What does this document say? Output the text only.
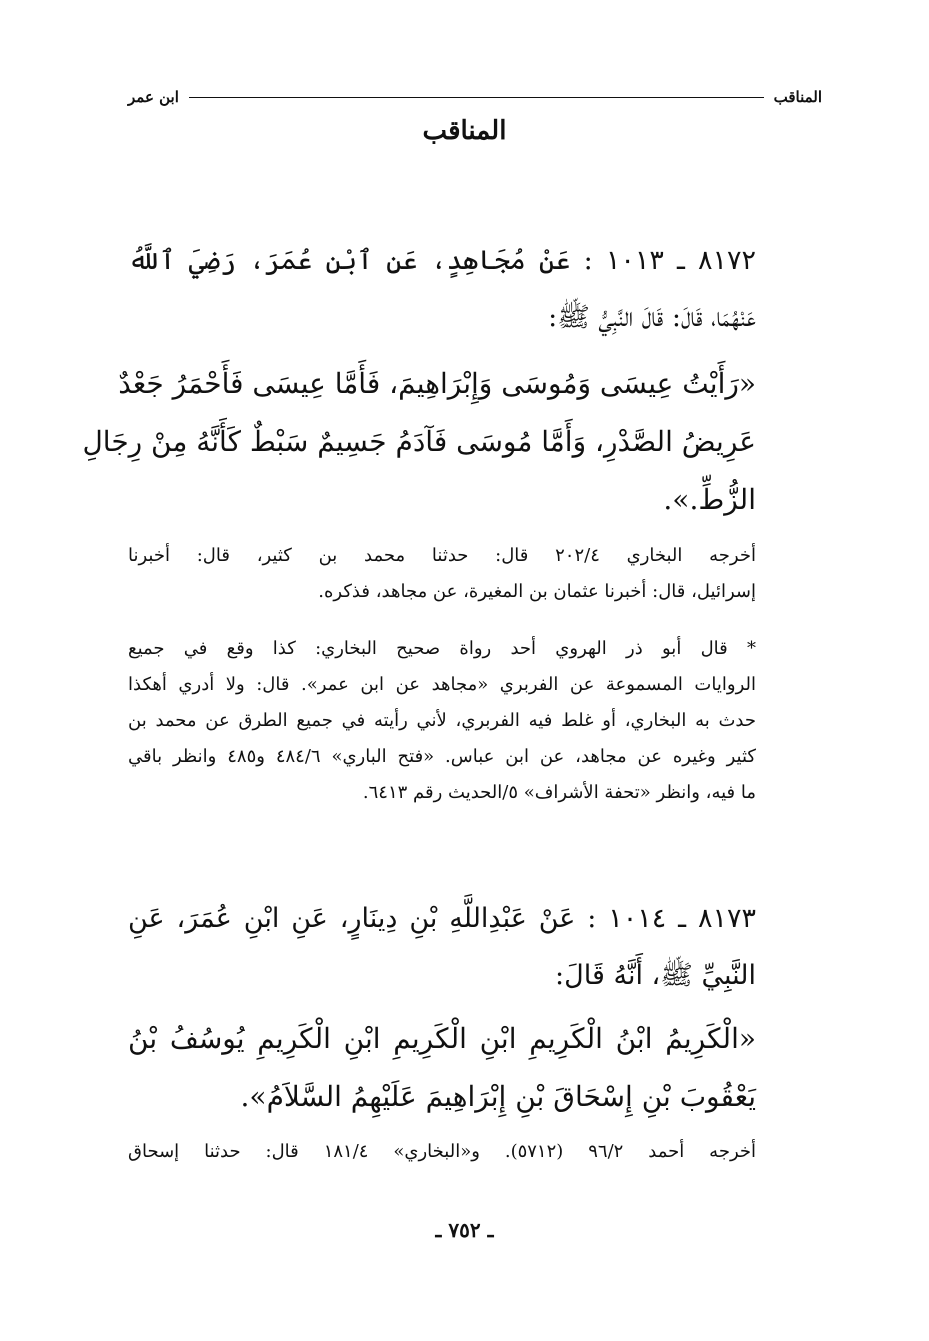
المناقب
ابن عمر
المناقب
٨١٧٢ ـ ١٠١٣ : عَنْ مُجَاهِدٍ، عَنِ ٱبْنِ عُمَرَ، رَضِيَ ٱللَّهُ
عَنْهُمَا، قَالَ: قَالَ النَّبِيُّ ﷺ:
«رَأَيْتُ عِيسَى وَمُوسَى وَإِبْرَاهِيمَ، فَأَمَّا عِيسَى فَأَحْمَرُ جَعْدٌ
عَرِيضُ الصَّدْرِ، وَأَمَّا مُوسَى فَآدَمُ جَسِيمٌ سَبْطٌ كَأَنَّهُ مِنْ رِجَالِ
الزُّطِّ.».
أخرجه البخاري ٢٠٢/٤ قال: حدثنا محمد بن كثير، قال: أخبرنا
إسرائيل، قال: أخبرنا عثمان بن المغيرة، عن مجاهد، فذكره.
* قال أبو ذر الهروي أحد رواة صحيح البخاري: كذا وقع في جميع
الروايات المسموعة عن الفربري «مجاهد عن ابن عمر». قال: ولا أدري أهكذا
حدث به البخاري، أو غلط فيه الفربري، لأني رأيته في جميع الطرق عن محمد بن
كثير وغيره عن مجاهد، عن ابن عباس. «فتح الباري» ٤٨٤/٦ و٤٨٥ وانظر باقي
ما فيه، وانظر «تحفة الأشراف» ٥/الحديث رقم ٦٤١٣.
٨١٧٣ ـ ١٠١٤ : عَنْ عَبْدِاللَّهِ بْنِ دِينَارٍ، عَنِ ابْنِ عُمَرَ، عَنِ
النَّبِيِّ ﷺ، أَنَّهُ قَالَ:
«الْكَرِيمُ ابْنُ الْكَرِيمِ ابْنِ الْكَرِيمِ ابْنِ الْكَرِيمِ يُوسُفُ بْنُ
يَعْقُوبَ بْنِ إِسْحَاقَ بْنِ إِبْرَاهِيمَ عَلَيْهِمُ السَّلاَمُ».
أخرجه أحمد ٩٦/٢ (٥٧١٢). و«البخاري» ١٨١/٤ قال: حدثنا إسحاق
ـ ٧٥٢ ـ
